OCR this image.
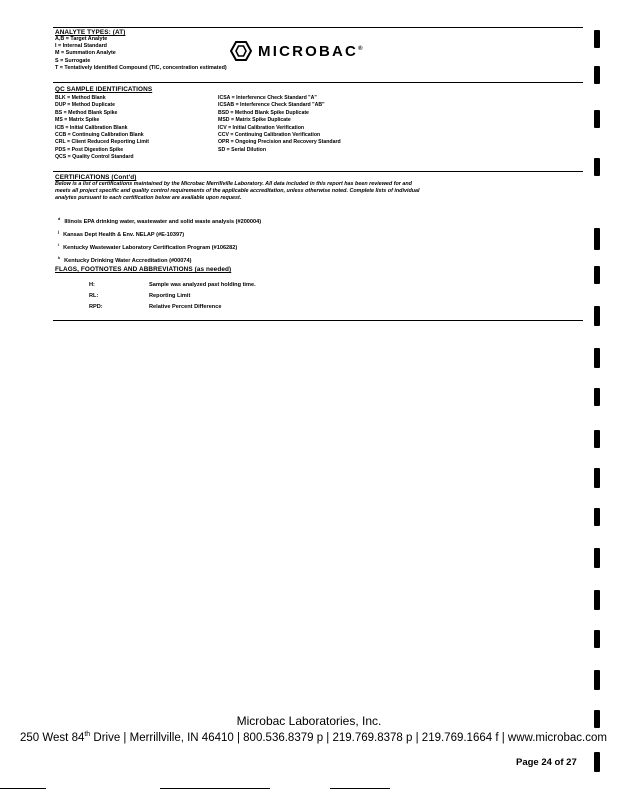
ANALYTE TYPES: (AT)
A,B = Target Analyte
I = Internal Standard
M = Summation Analyte
S = Surrogate
T = Tentatively Identified Compound (TIC, concentration estimated)
MICROBAC®
QC SAMPLE IDENTIFICATIONS
BLK = Method Blank
DUP = Method Duplicate
BS = Method Blank Spike
MS = Matrix Spike
ICB = Initial Calibration Blank
CCB = Continuing Calibration Blank
CRL = Client Reduced Reporting Limit
PDS = Post Digestion Spike
QCS = Quality Control Standard
ICSA = Interference Check Standard "A"
ICSAB = Interference Check Standard "AB"
BSD = Method Blank Spike Duplicate
MSD = Matrix Spike Duplicate
ICV = Initial Calibration Verification
CCV = Continuing Calibration Verification
OPR = Ongoing Precision and Recovery Standard
SD = Serial Dilution
CERTIFICATIONS (Cont'd)
Below is a list of certifications maintained by the Microbac Merrillville Laboratory. All data included in this report has been reviewed for and
meets all project specific and quality control requirements of the applicable accreditation, unless otherwise noted. Complete lists of individual
analytes pursuant to each certification below are available upon request.
$^d$ Illinois EPA drinking water, wastewater and solid waste analysis (#200004)
$^j$ Kansas Dept Health & Env. NELAP (#E-10397)
$^i$ Kentucky Wastewater Laboratory Certification Program (#106282)
$^k$ Kentucky Drinking Water Accreditation (#00074)
FLAGS, FOOTNOTES AND ABBREVIATIONS (as needed)
H:	Sample was analyzed past holding time.
RL:	Reporting Limit
RPD:	Relative Percent Difference
Microbac Laboratories, Inc.
250 West 84th Drive | Merrillville, IN 46410 | 800.536.8379 p | 219.769.8378 p | 219.769.1664 f | www.microbac.com
Page 24 of 27
